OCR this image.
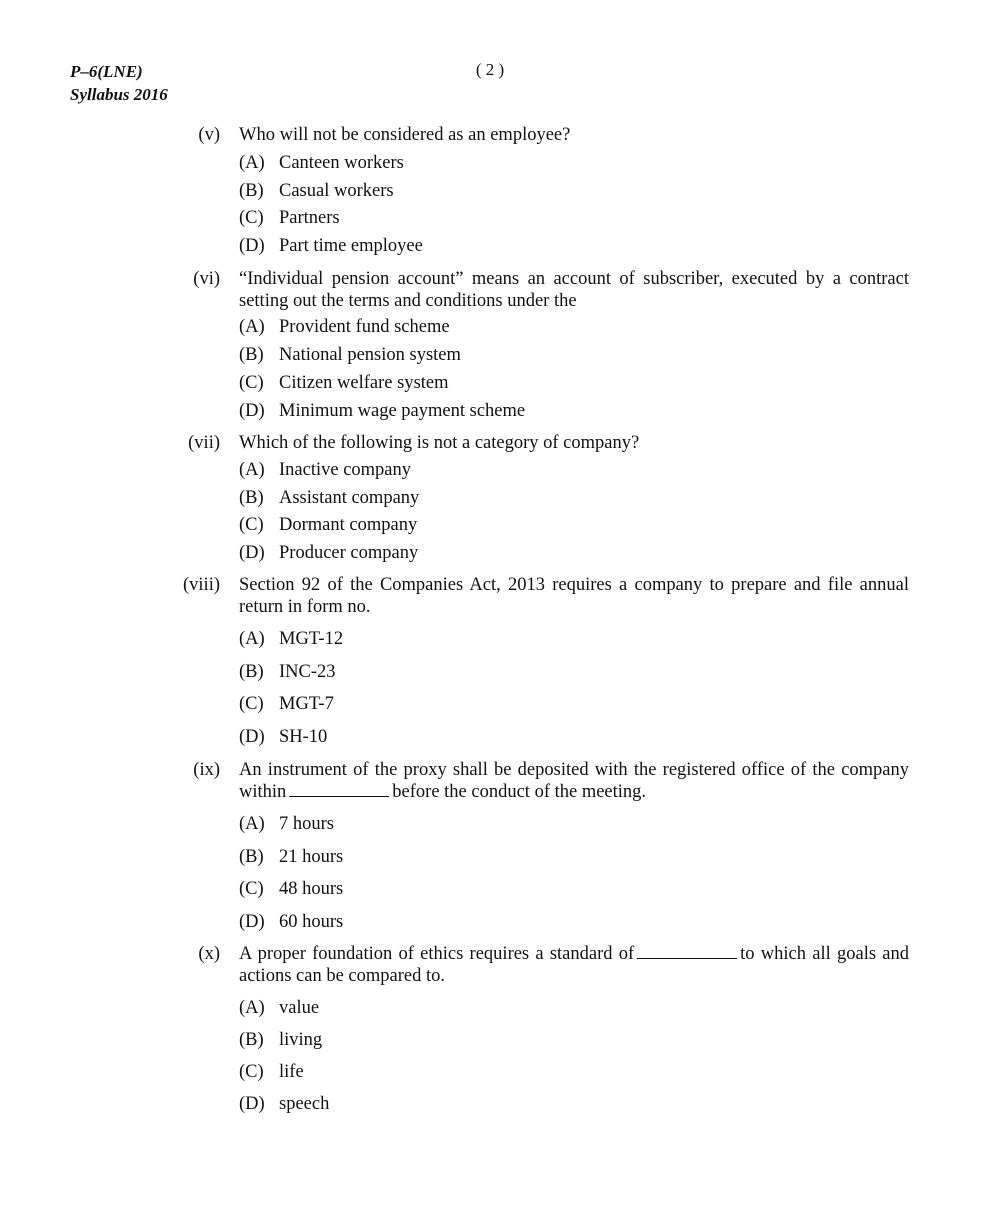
P–6(LNE)
Syllabus 2016
( 2 )
(v) Who will not be considered as an employee?
(A) Canteen workers
(B) Casual workers
(C) Partners
(D) Part time employee
(vi) “Individual pension account” means an account of subscriber, executed by a contract setting out the terms and conditions under the
(A) Provident fund scheme
(B) National pension system
(C) Citizen welfare system
(D) Minimum wage payment scheme
(vii) Which of the following is not a category of company?
(A) Inactive company
(B) Assistant company
(C) Dormant company
(D) Producer company
(viii) Section 92 of the Companies Act, 2013 requires a company to prepare and file annual return in form no.
(A) MGT-12
(B) INC-23
(C) MGT-7
(D) SH-10
(ix) An instrument of the proxy shall be deposited with the registered office of the company within	before the conduct of the meeting.
(A) 7 hours
(B) 21 hours
(C) 48 hours
(D) 60 hours
(x) A proper foundation of ethics requires a standard of	to which all goals and actions can be compared to.
(A) value
(B) living
(C) life
(D) speech
